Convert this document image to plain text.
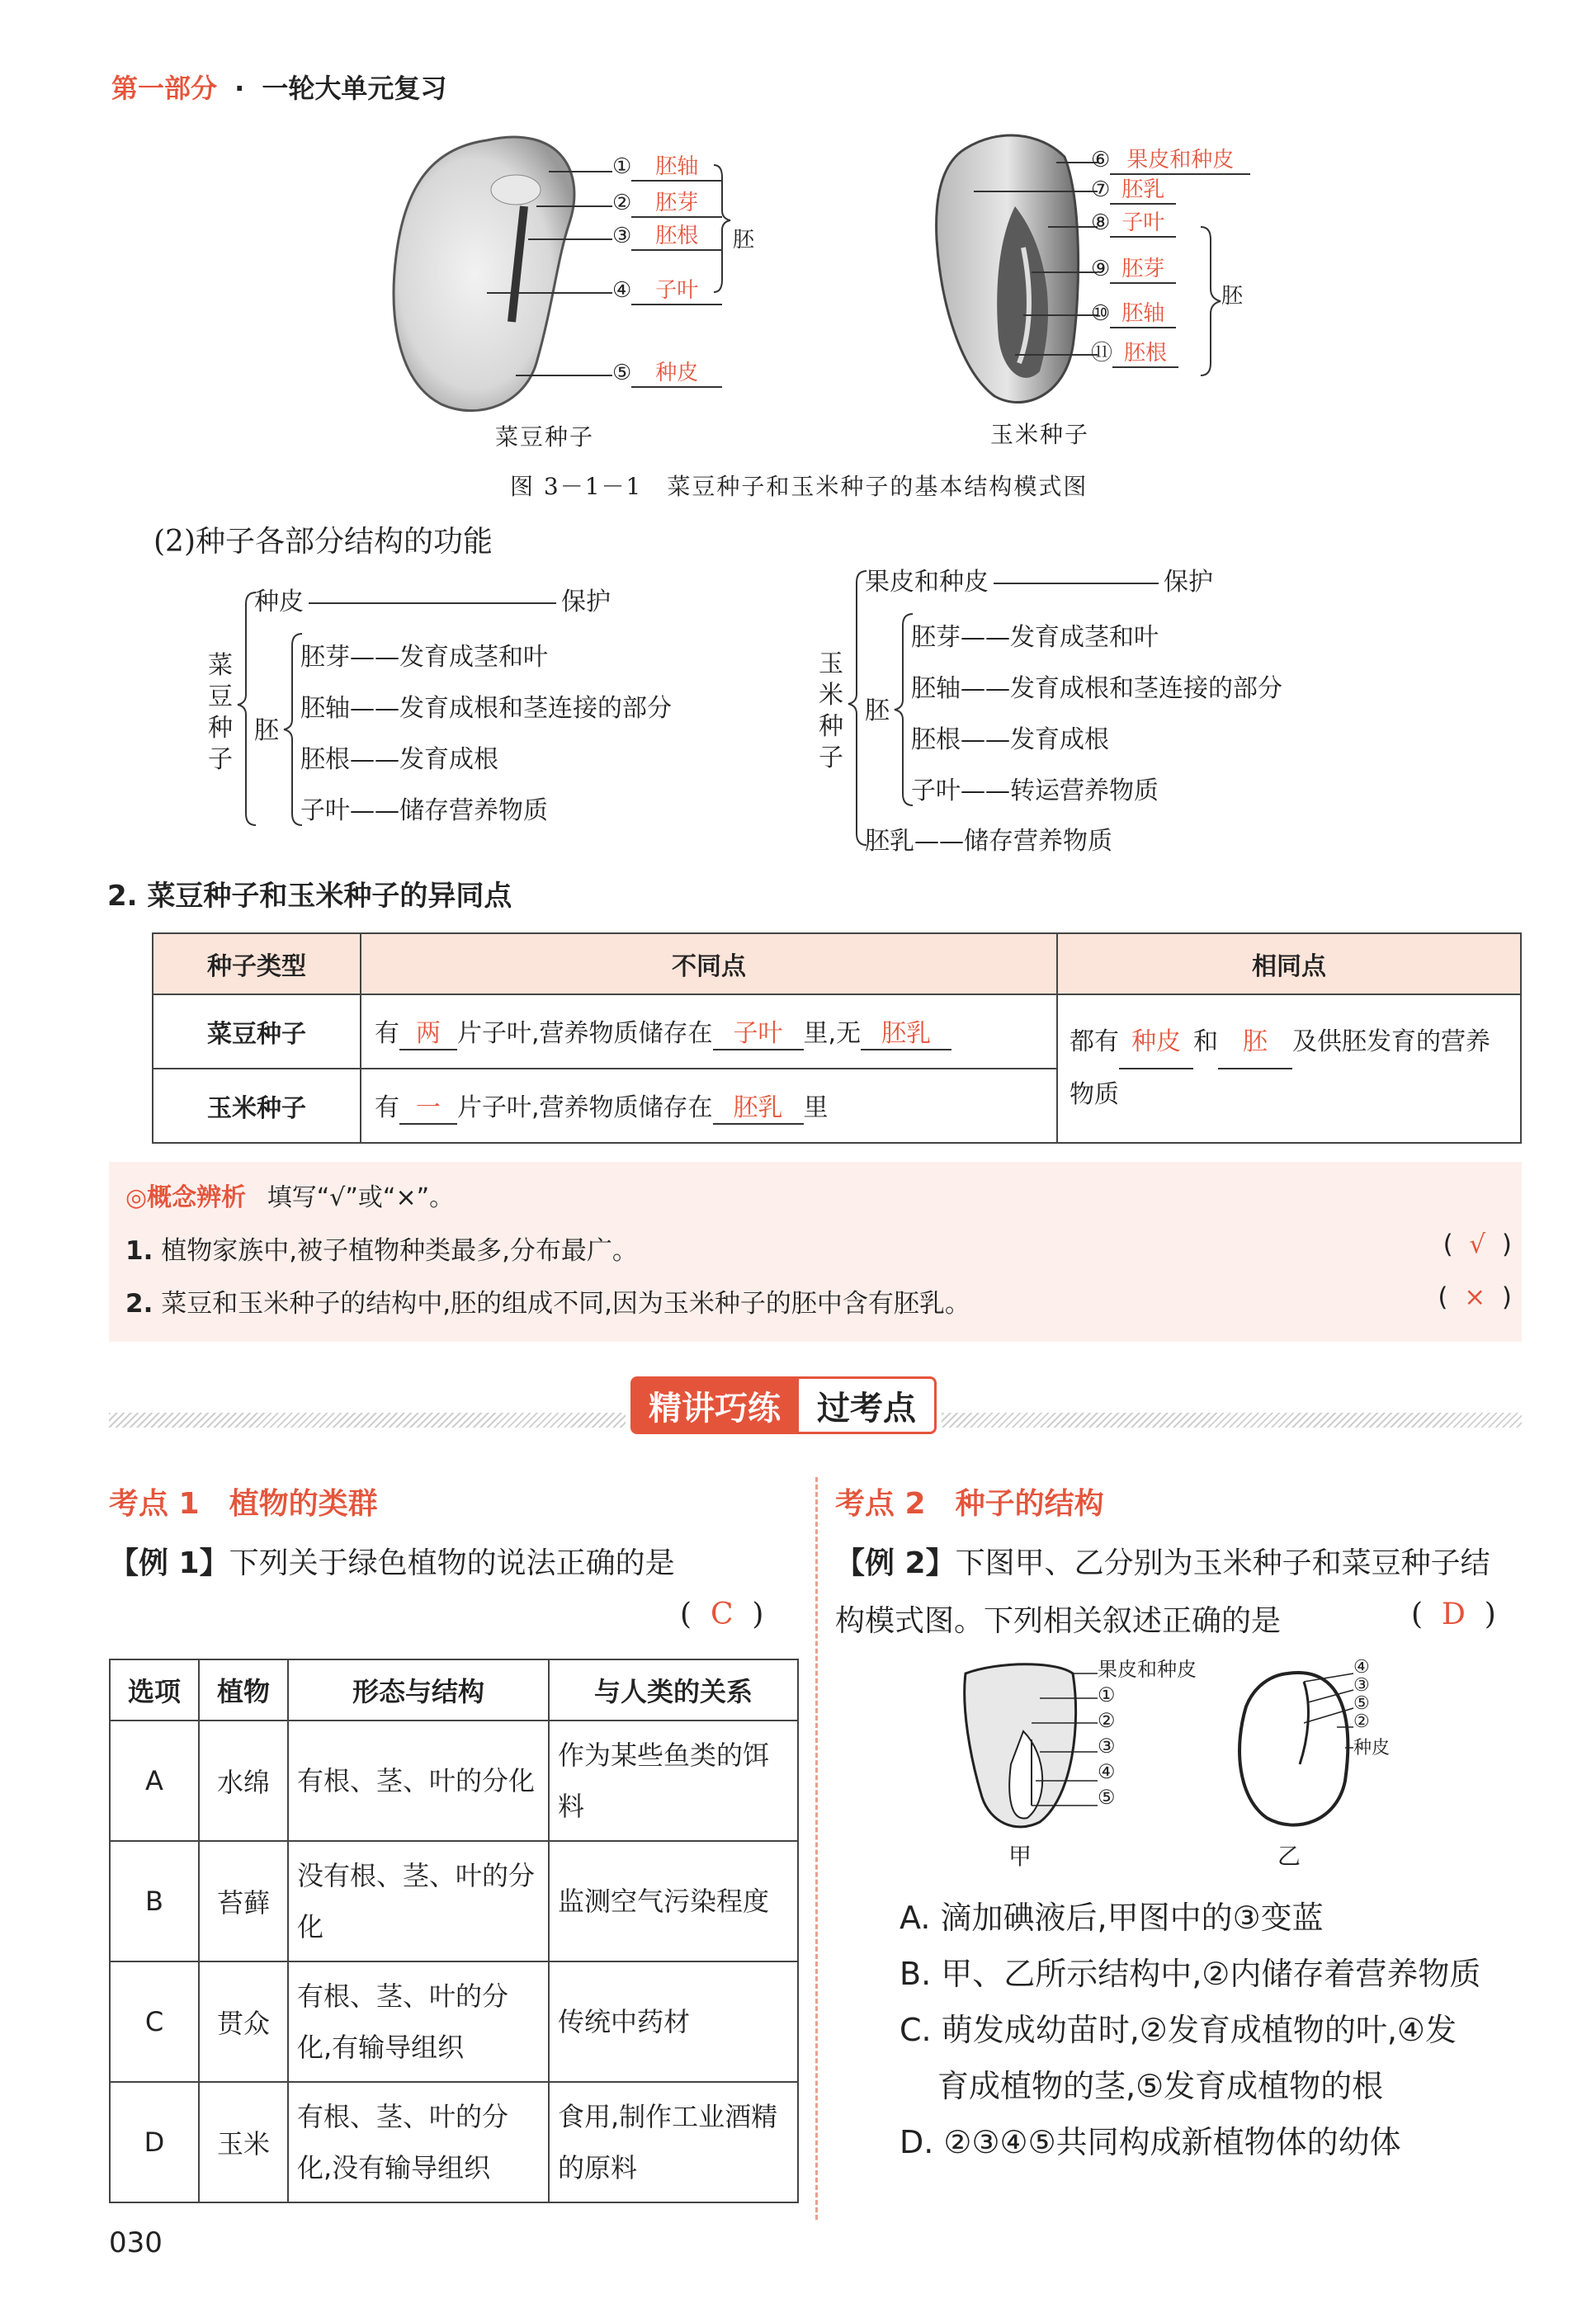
第一部分 · 一轮大单元复习
① 胚轴
② 胚芽
③ 胚根
④ 子叶
⑤ 种皮
胚
菜豆种子
⑥ 果皮和种皮
⑦ 胚乳
⑧ 子叶
⑨ 胚芽
⑩ 胚轴
⑪ 胚根
胚
玉米种子
图 3－1－1　菜豆种子和玉米种子的基本结构模式图
(2)种子各部分结构的功能
菜豆种子
种皮	保护
胚
胚芽——发育成茎和叶
胚轴——发育成根和茎连接的部分
胚根——发育成根
子叶——储存营养物质
玉米种子
果皮和种皮	保护
胚
胚芽——发育成茎和叶
胚轴——发育成根和茎连接的部分
胚根——发育成根
子叶——转运营养物质
胚乳——储存营养物质
2. 菜豆种子和玉米种子的异同点
种子类型	不同点	相同点
菜豆种子	有 两 片子叶,营养物质储存在 子叶 里,无 胚乳	都有 种皮 和 胚 及供胚发育的营养物质
玉米种子	有 一 片子叶,营养物质储存在 胚乳 里	
◎概念辨析 填写“√”或“×”。
1. 植物家族中,被子植物种类最多,分布最广。	(  √  )
2. 菜豆和玉米种子的结构中,胚的组成不同,因为玉米种子的胚中含有胚乳。	(  ×  )
精讲巧练	过考点
考点 1　植物的类群
【例 1】下列关于绿色植物的说法正确的是
(  C  )
选项	植物	形态与结构	与人类的关系
A	水绵	有根、茎、叶的分化	作为某些鱼类的饵料
B	苔藓	没有根、茎、叶的分化	监测空气污染程度
C	贯众	有根、茎、叶的分化,有输导组织	传统中药材
D	玉米	有根、茎、叶的分化,没有输导组织	食用,制作工业酒精的原料
考点 2　种子的结构
【例 2】下图甲、乙分别为玉米种子和菜豆种子结
构模式图。下列相关叙述正确的是	(  D  )
果皮和种皮
①
②
③
④
⑤
甲
④
③
⑤
②
种皮
乙
A. 滴加碘液后,甲图中的③变蓝
B. 甲、乙所示结构中,②内储存着营养物质
C. 萌发成幼苗时,②发育成植物的叶,④发
育成植物的茎,⑤发育成植物的根
D. ②③④⑤共同构成新植物体的幼体
030
